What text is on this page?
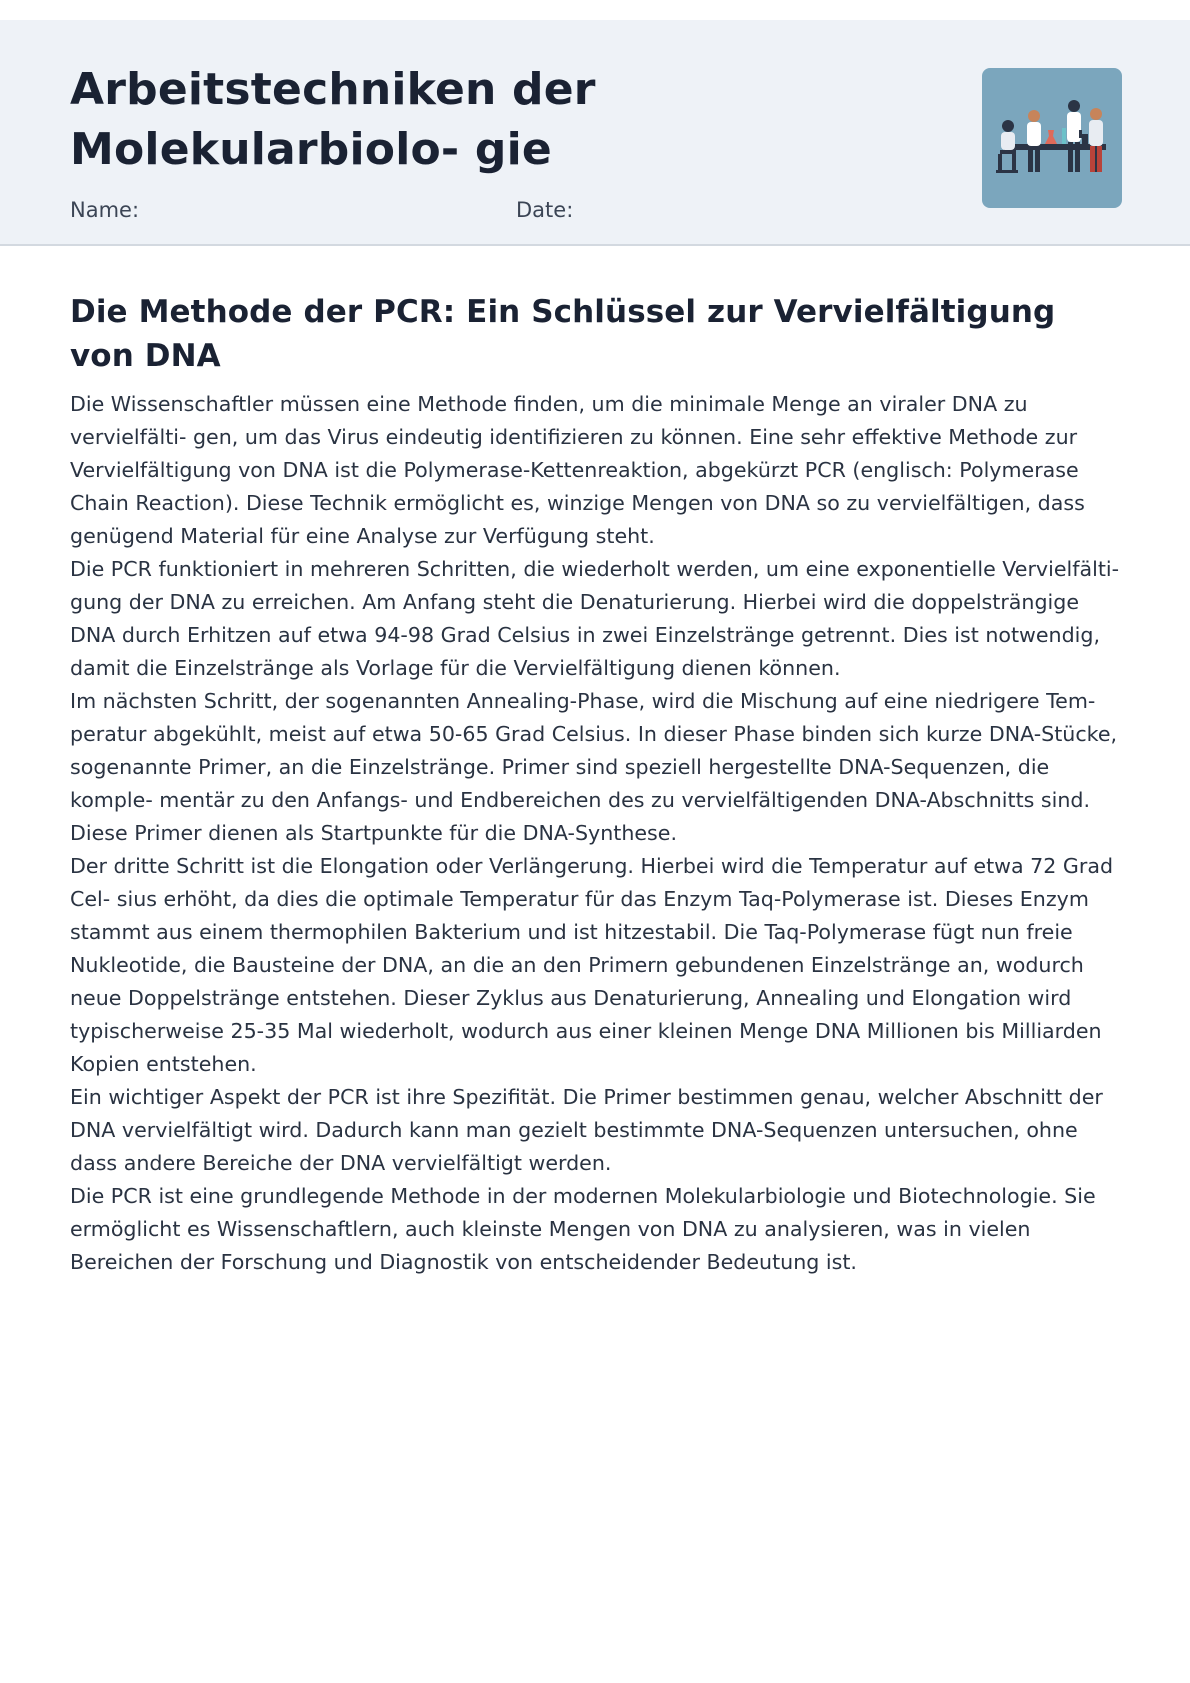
Arbeitstechniken der Molekularbiolo- gie
Name:	Date:
Die Methode der PCR: Ein Schlüssel zur Vervielfältigung von DNA

Die Wissenschaftler müssen eine Methode finden, um die minimale Menge an viraler DNA zu vervielfälti- gen, um das Virus eindeutig identifizieren zu können. Eine sehr effektive Methode zur Vervielfältigung von DNA ist die Polymerase-Kettenreaktion, abgekürzt PCR (englisch: Polymerase Chain Reaction). Diese Technik ermöglicht es, winzige Mengen von DNA so zu vervielfältigen, dass genügend Material für eine Analyse zur Verfügung steht.

Die PCR funktioniert in mehreren Schritten, die wiederholt werden, um eine exponentielle Vervielfälti- gung der DNA zu erreichen. Am Anfang steht die Denaturierung. Hierbei wird die doppelsträngige DNA durch Erhitzen auf etwa 94-98 Grad Celsius in zwei Einzelstränge getrennt. Dies ist notwendig, damit die Einzelstränge als Vorlage für die Vervielfältigung dienen können.

Im nächsten Schritt, der sogenannten Annealing-Phase, wird die Mischung auf eine niedrigere Tem- peratur abgekühlt, meist auf etwa 50-65 Grad Celsius. In dieser Phase binden sich kurze DNA-Stücke, sogenannte Primer, an die Einzelstränge. Primer sind speziell hergestellte DNA-Sequenzen, die komple- mentär zu den Anfangs- und Endbereichen des zu vervielfältigenden DNA-Abschnitts sind. Diese Primer dienen als Startpunkte für die DNA-Synthese.

Der dritte Schritt ist die Elongation oder Verlängerung. Hierbei wird die Temperatur auf etwa 72 Grad Cel- sius erhöht, da dies die optimale Temperatur für das Enzym Taq-Polymerase ist. Dieses Enzym stammt aus einem thermophilen Bakterium und ist hitzestabil. Die Taq-Polymerase fügt nun freie Nukleotide, die Bausteine der DNA, an die an den Primern gebundenen Einzelstränge an, wodurch neue Doppelstränge entstehen. Dieser Zyklus aus Denaturierung, Annealing und Elongation wird typischerweise 25-35 Mal wiederholt, wodurch aus einer kleinen Menge DNA Millionen bis Milliarden Kopien entstehen.

Ein wichtiger Aspekt der PCR ist ihre Spezifität. Die Primer bestimmen genau, welcher Abschnitt der DNA vervielfältigt wird. Dadurch kann man gezielt bestimmte DNA-Sequenzen untersuchen, ohne dass andere Bereiche der DNA vervielfältigt werden.

Die PCR ist eine grundlegende Methode in der modernen Molekularbiologie und Biotechnologie. Sie ermöglicht es Wissenschaftlern, auch kleinste Mengen von DNA zu analysieren, was in vielen Bereichen der Forschung und Diagnostik von entscheidender Bedeutung ist.
